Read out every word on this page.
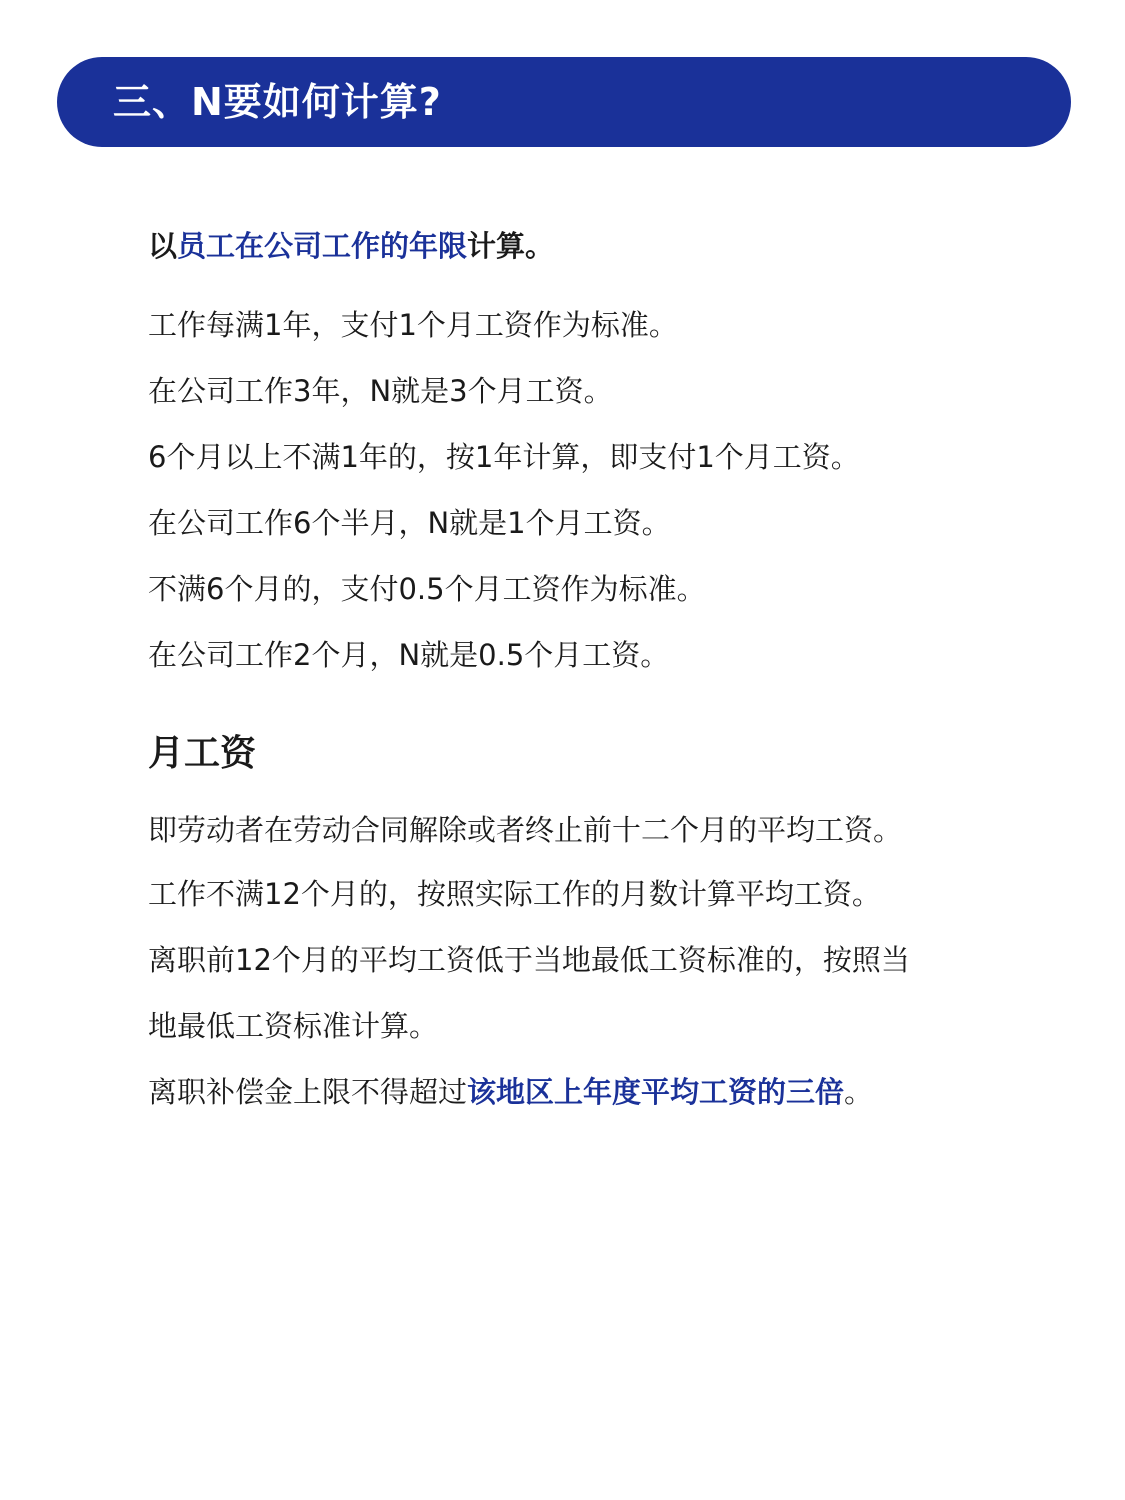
三、N要如何计算?
以员工在公司工作的年限计算。
工作每满1年，支付1个月工资作为标准。
在公司工作3年，N就是3个月工资。
6个月以上不满1年的，按1年计算，即支付1个月工资。
在公司工作6个半月，N就是1个月工资。
不满6个月的，支付0.5个月工资作为标准。
在公司工作2个月，N就是0.5个月工资。
月工资
即劳动者在劳动合同解除或者终止前十二个月的平均工资。
工作不满12个月的，按照实际工作的月数计算平均工资。
离职前12个月的平均工资低于当地最低工资标准的，按照当
地最低工资标准计算。
离职补偿金上限不得超过该地区上年度平均工资的三倍。
